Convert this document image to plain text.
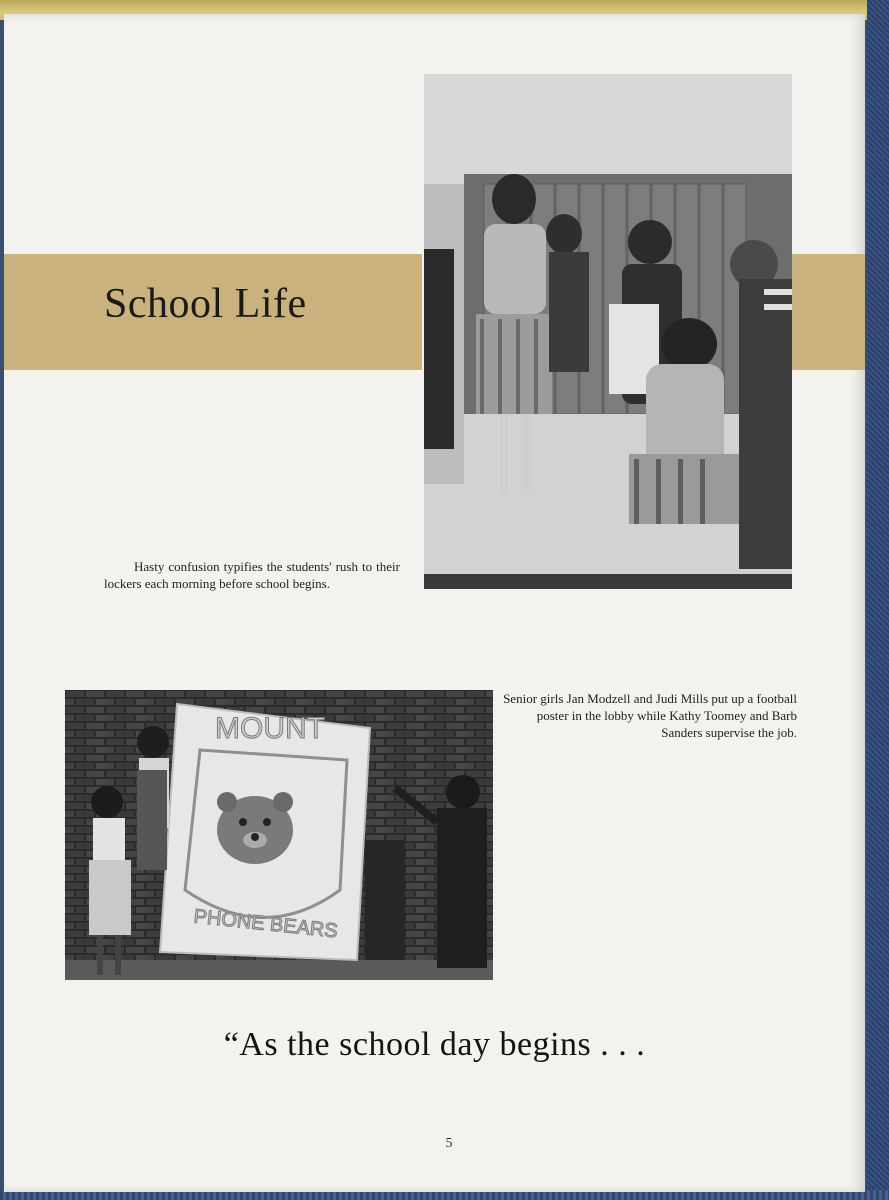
School Life

Hasty confusion typifies the students' rush to their lockers each morning before school begins.

MOUNT
PHONE BEARS

Senior girls Jan Modzell and Judi Mills put up a football poster in the lobby while Kathy Toomey and Barb Sanders supervise the job.

“As the school day begins . . .
5
